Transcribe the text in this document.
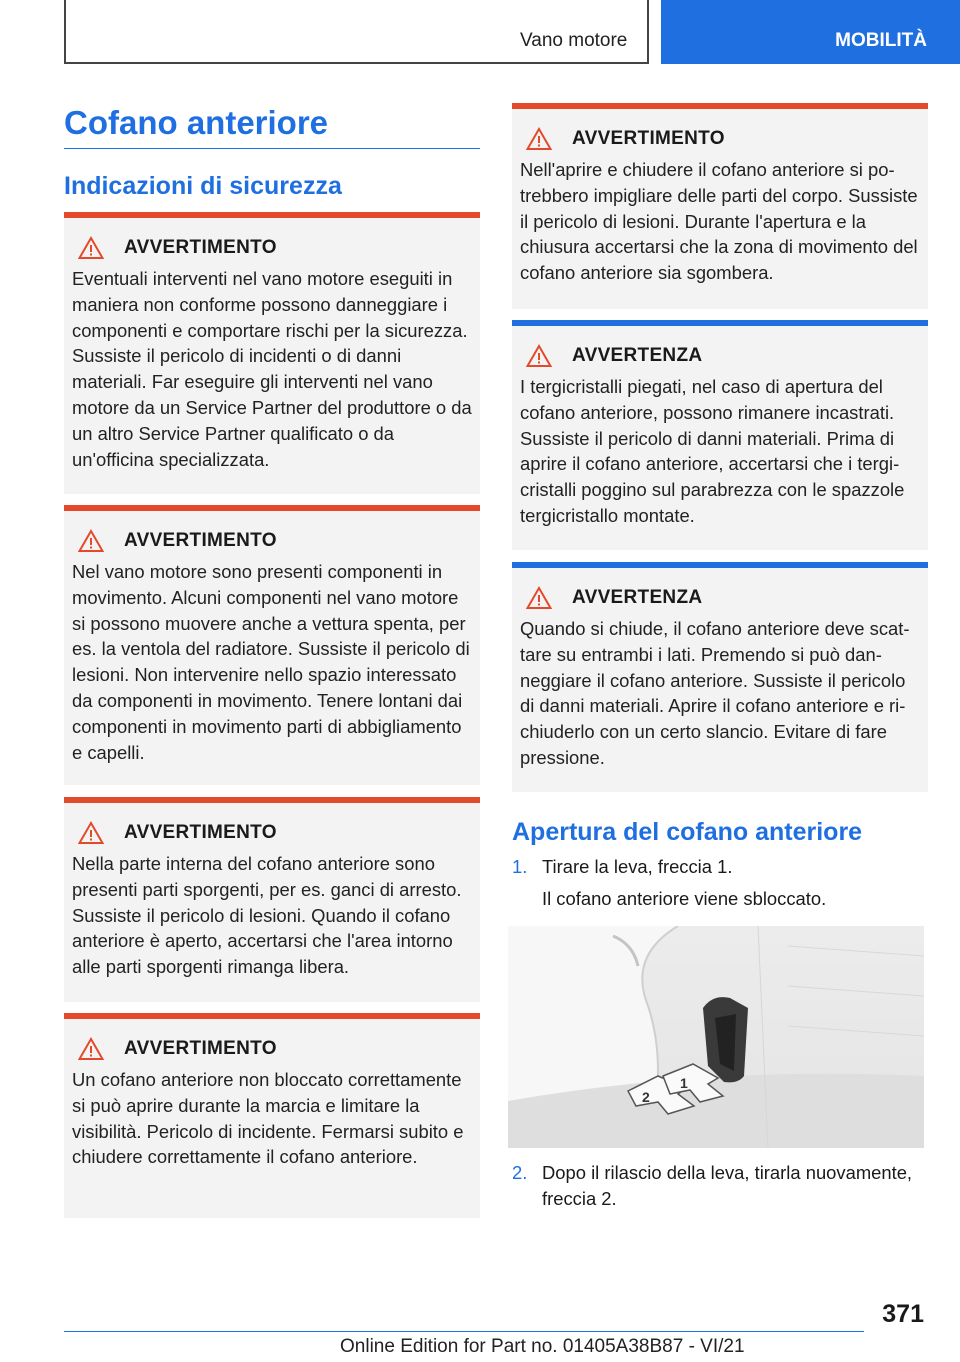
Vano motore	MOBILITÀ
Cofano anteriore
Indicazioni di sicurezza
AVVERTIMENTO
Eventuali interventi nel vano motore eseguiti in maniera non conforme possono danneggiare i componenti e comportare rischi per la sicurezza. Sussiste il pericolo di incidenti o di danni materiali. Far eseguire gli interventi nel vano motore da un Service Partner del produttore o da un altro Service Partner qualificato o da un'officina specializzata.
AVVERTIMENTO
Nel vano motore sono presenti componenti in movimento. Alcuni componenti nel vano motore si possono muovere anche a vettura spenta, per es. la ventola del radiatore. Sussiste il pericolo di lesioni. Non intervenire nello spazio interessato da componenti in movimento. Tenere lontani dai componenti in movimento parti di abbigliamento e capelli.
AVVERTIMENTO
Nella parte interna del cofano anteriore sono presenti parti sporgenti, per es. ganci di arresto. Sussiste il pericolo di lesioni. Quando il cofano anteriore è aperto, accertarsi che l'area intorno alle parti sporgenti rimanga libera.
AVVERTIMENTO
Un cofano anteriore non bloccato correttamente si può aprire durante la marcia e limitare la visibilità. Pericolo di incidente. Fermarsi subito e chiudere correttamente il cofano anteriore.
AVVERTIMENTO
Nell'aprire e chiudere il cofano anteriore si potrebbero impigliare delle parti del corpo. Sussiste il pericolo di lesioni. Durante l'apertura e la chiusura accertarsi che la zona di movimento del cofano anteriore sia sgombera.
AVVERTENZA
I tergicristalli piegati, nel caso di apertura del cofano anteriore, possono rimanere incastrati. Sussiste il pericolo di danni materiali. Prima di aprire il cofano anteriore, accertarsi che i tergicristalli poggino sul parabrezza con le spazzole tergicristallo montate.
AVVERTENZA
Quando si chiude, il cofano anteriore deve scattare su entrambi i lati. Premendo si può danneggiare il cofano anteriore. Sussiste il pericolo di danni materiali. Aprire il cofano anteriore e richiuderlo con un certo slancio. Evitare di fare pressione.
Apertura del cofano anteriore
1. Tirare la leva, freccia 1.
Il cofano anteriore viene sbloccato.
2
1
2. Dopo il rilascio della leva, tirarla nuovamente, freccia 2.
371
Online Edition for Part no. 01405A38B87 - VI/21
